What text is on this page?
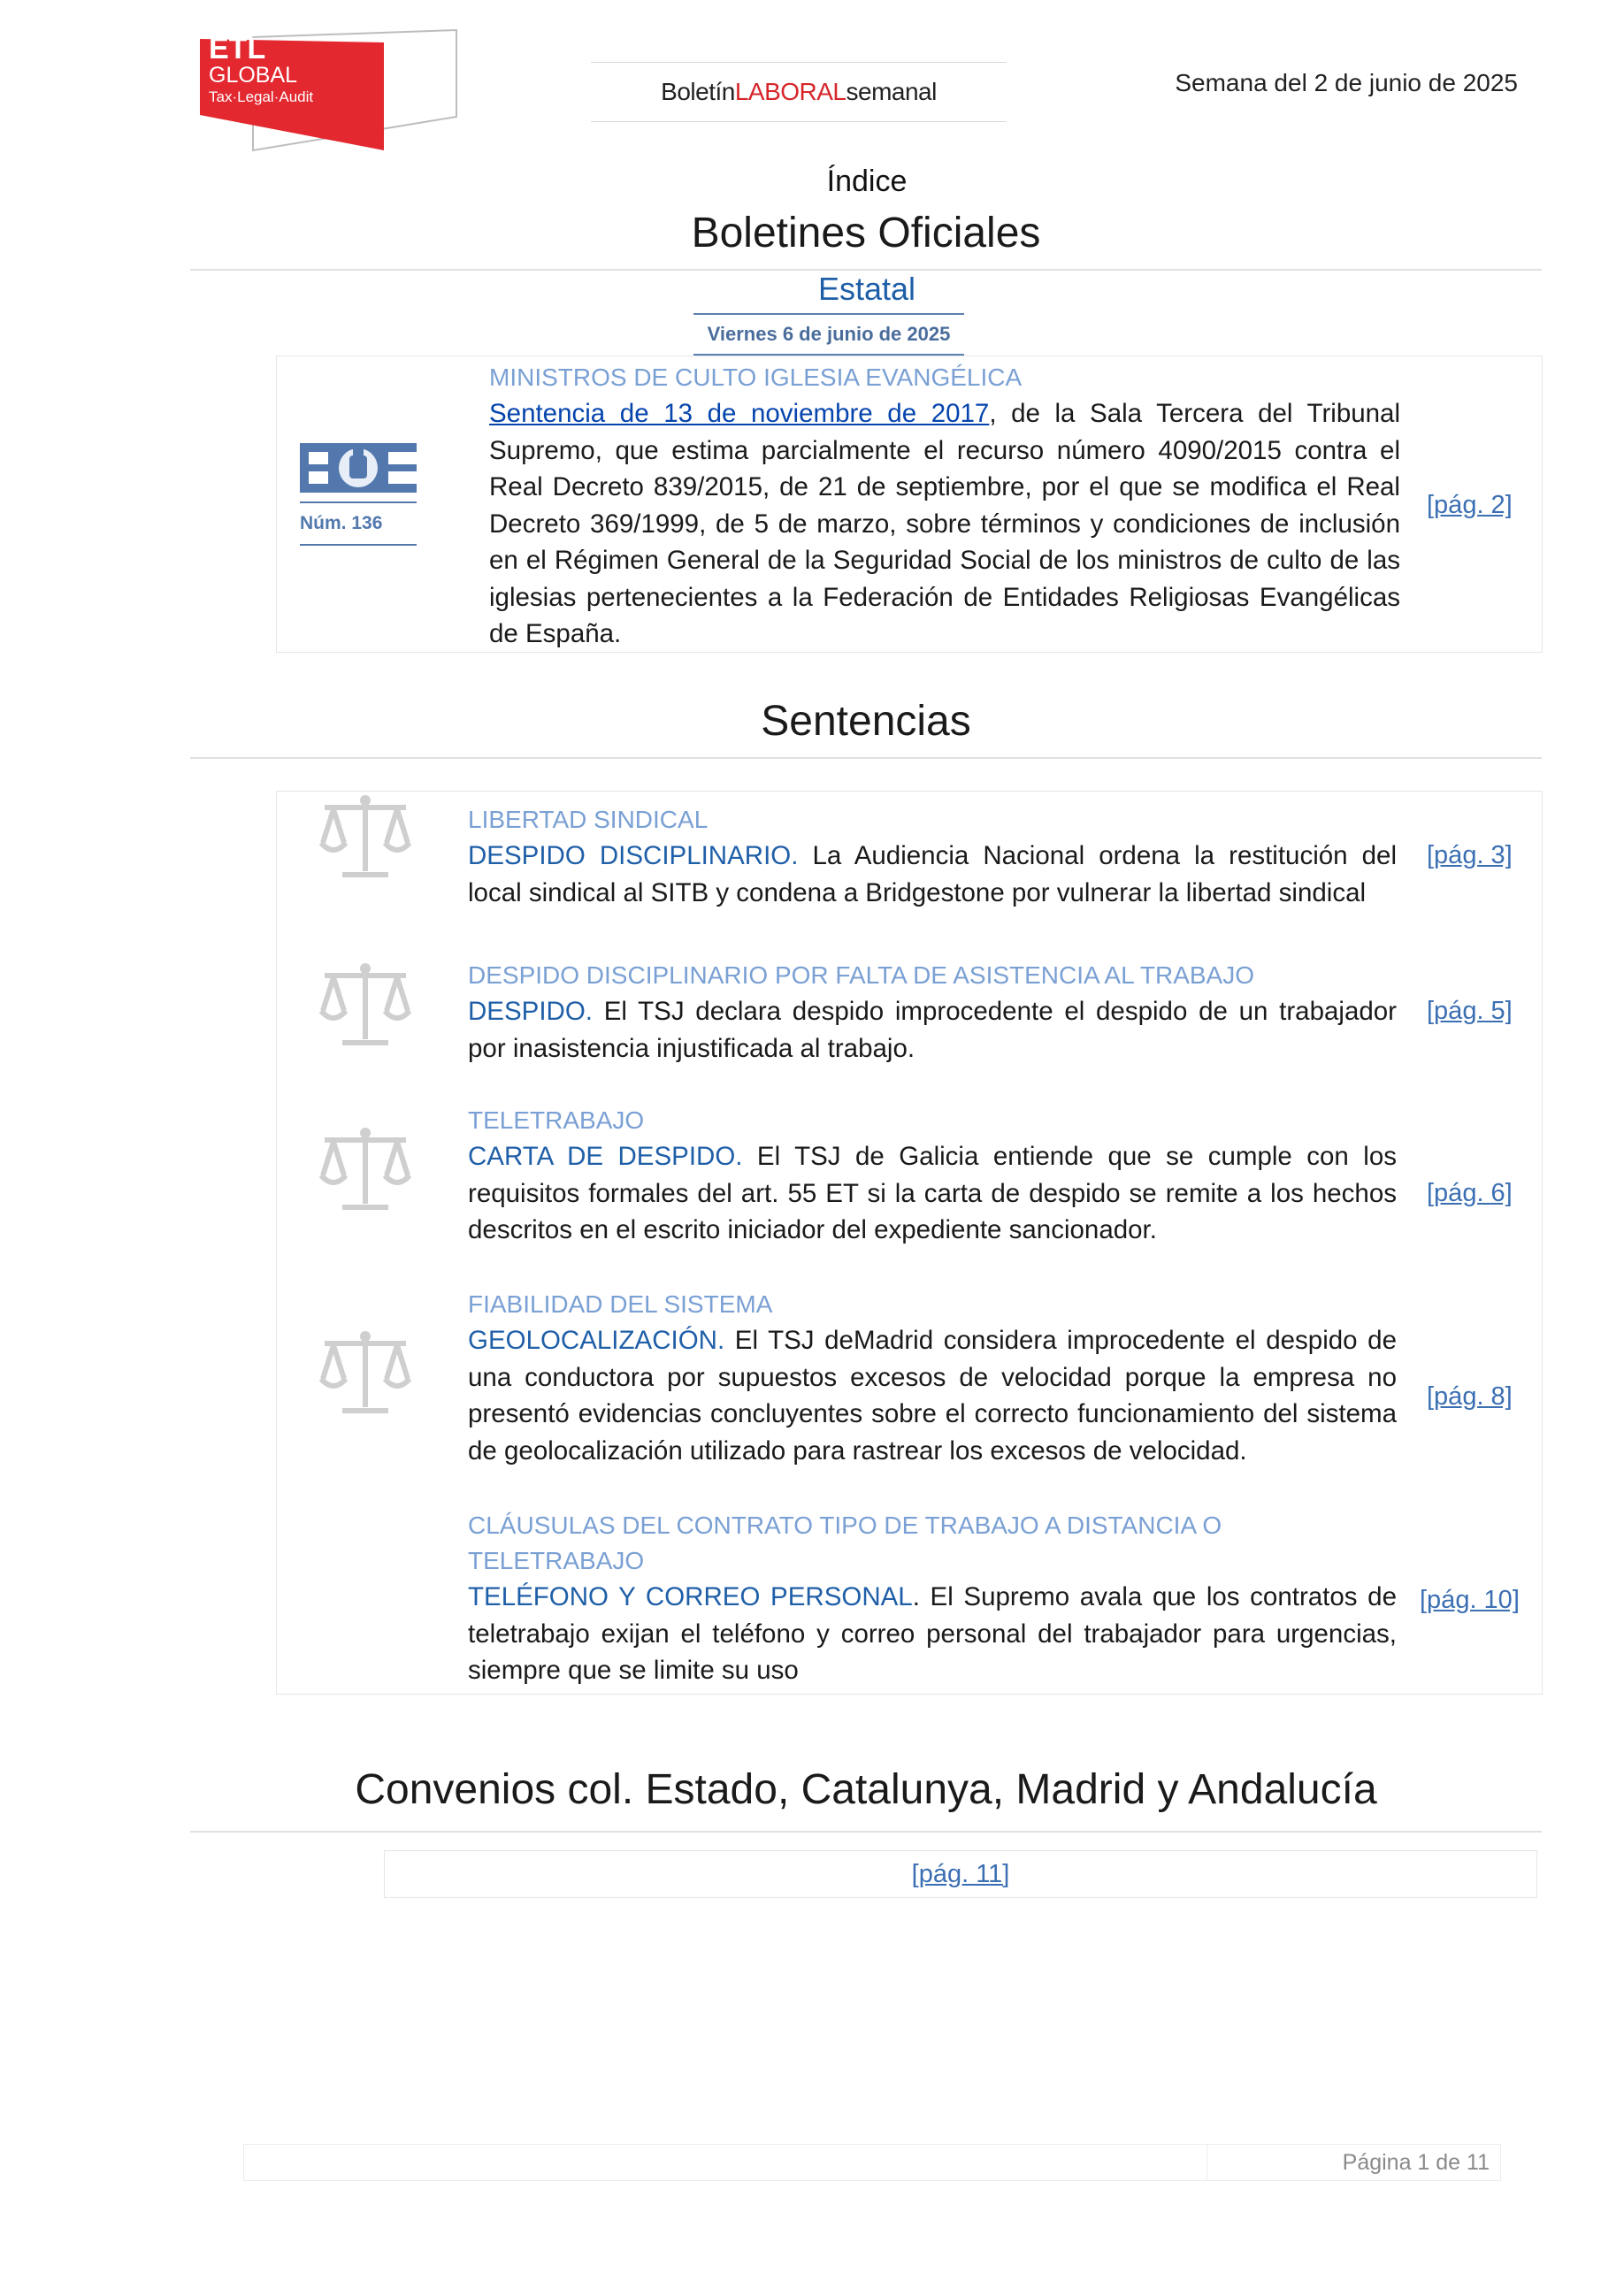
ETL
GLOBAL
Tax·Legal·Audit	Boletín LABORAL semanal	Semana del 2 de junio de 2025
Índice
Boletines Oficiales
Estatal
Viernes 6 de junio de 2025
Núm. 136
MINISTROS DE CULTO IGLESIA EVANGÉLICA
Sentencia de 13 de noviembre de 2017, de la Sala Tercera del Tribunal Supremo, que estima parcialmente el recurso número 4090/2015 contra el Real Decreto 839/2015, de 21 de septiembre, por el que se modifica el Real Decreto 369/1999, de 5 de marzo, sobre términos y condiciones de inclusión en el Régimen General de la Seguridad Social de los ministros de culto de las iglesias pertenecientes a la Federación de Entidades Religiosas Evangélicas de España.
[pág. 2]
Sentencias
LIBERTAD SINDICAL
DESPIDO DISCIPLINARIO. La Audiencia Nacional ordena la restitución del local sindical al SITB y condena a Bridgestone por vulnerar la libertad sindical
[pág. 3]
DESPIDO DISCIPLINARIO POR FALTA DE ASISTENCIA AL TRABAJO
DESPIDO. El TSJ declara despido improcedente el despido de un trabajador por inasistencia injustificada al trabajo.
[pág. 5]
TELETRABAJO
CARTA DE DESPIDO. El TSJ de Galicia entiende que se cumple con los requisitos formales del art. 55 ET si la carta de despido se remite a los hechos descritos en el escrito iniciador del expediente sancionador.
[pág. 6]
FIABILIDAD DEL SISTEMA
GEOLOCALIZACIÓN. El TSJ deMadrid considera improcedente el despido de una conductora por supuestos excesos de velocidad porque la empresa no presentó evidencias concluyentes sobre el correcto funcionamiento del sistema de geolocalización utilizado para rastrear los excesos de velocidad.
[pág. 8]
CLÁUSULAS DEL CONTRATO TIPO DE TRABAJO A DISTANCIA O TELETRABAJO
TELÉFONO Y CORREO PERSONAL. El Supremo avala que los contratos de teletrabajo exijan el teléfono y correo personal del trabajador para urgencias, siempre que se limite su uso
[pág. 10]
Convenios col. Estado, Catalunya, Madrid y Andalucía
[pág. 11]
Página 1 de 11
